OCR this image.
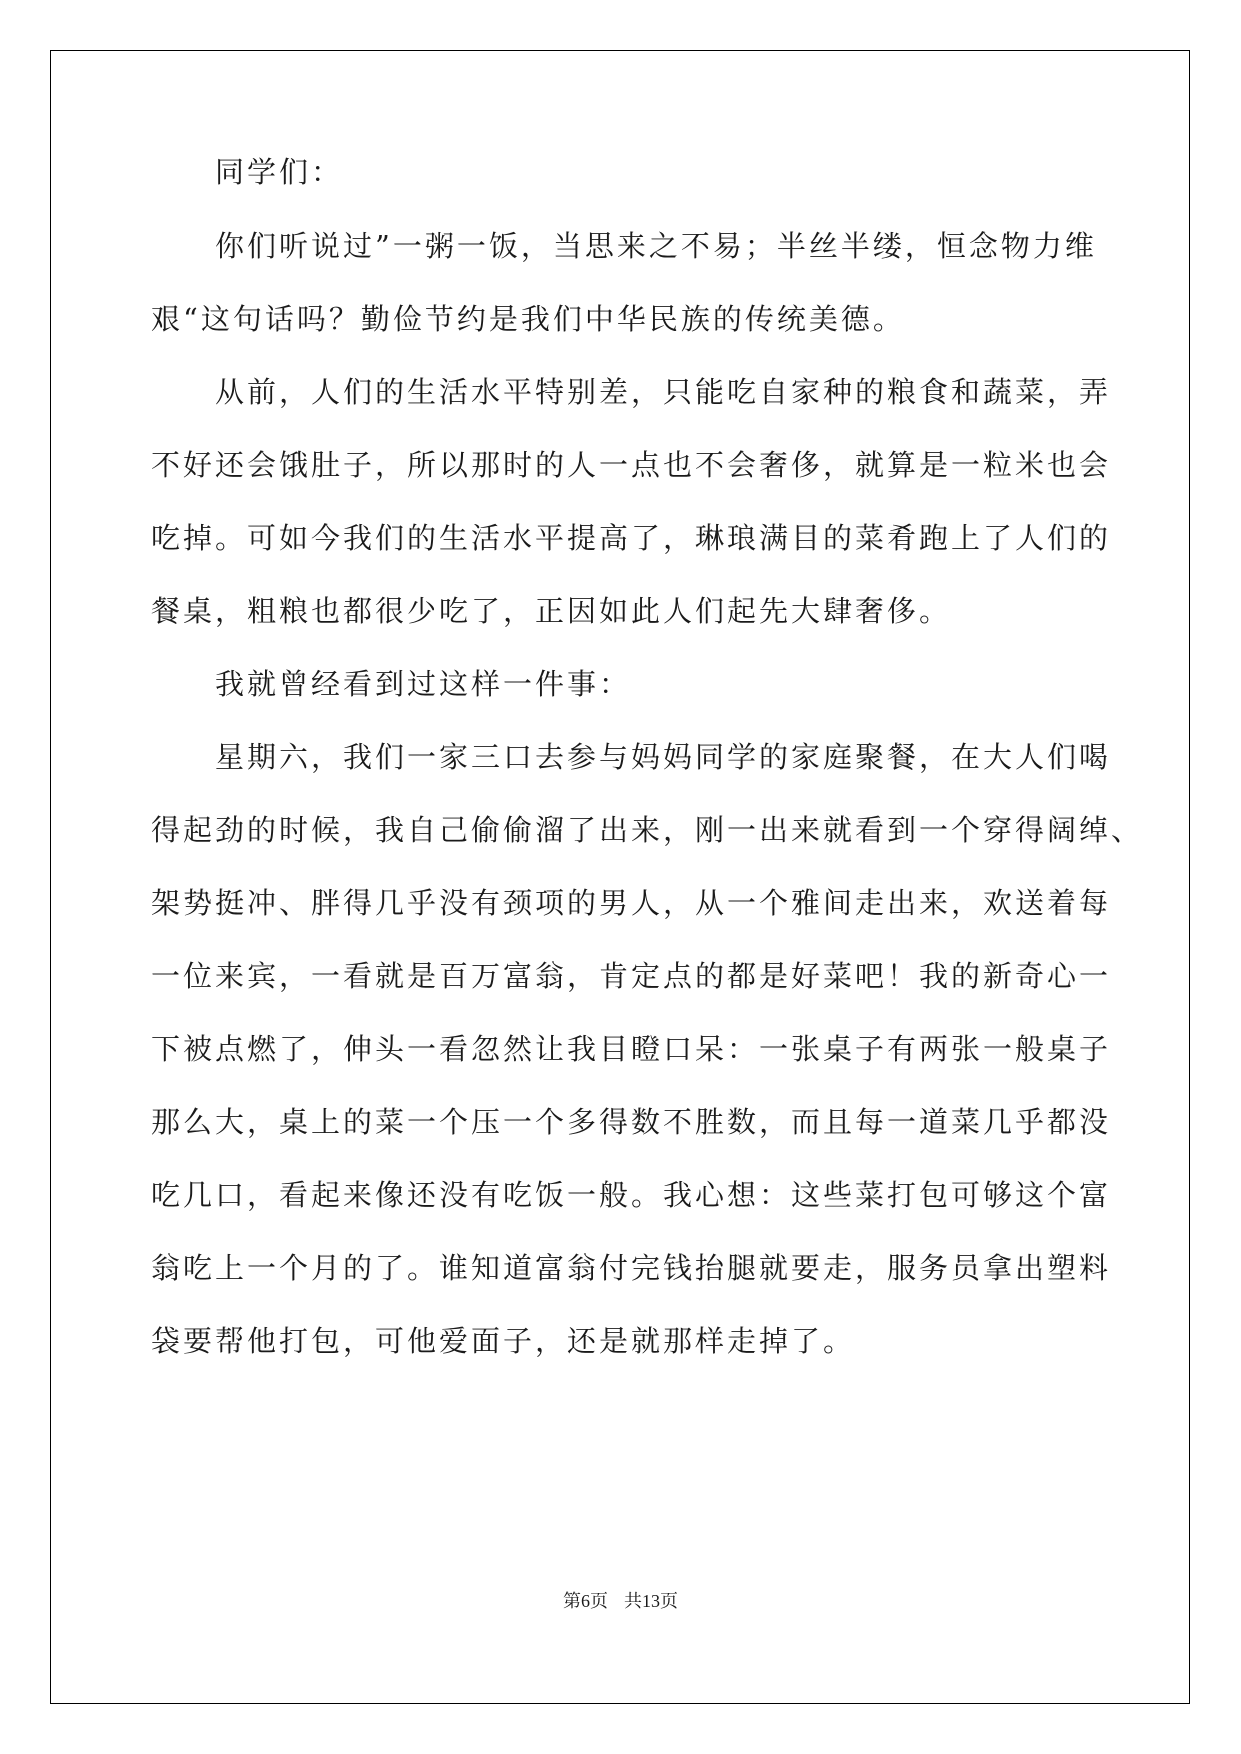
同学们：
你们听说过”一粥一饭，当思来之不易；半丝半缕，恒念物力维
艰“这句话吗？勤俭节约是我们中华民族的传统美德。
从前，人们的生活水平特别差，只能吃自家种的粮食和蔬菜，弄
不好还会饿肚子，所以那时的人一点也不会奢侈，就算是一粒米也会
吃掉。可如今我们的生活水平提高了，琳琅满目的菜肴跑上了人们的
餐桌，粗粮也都很少吃了，正因如此人们起先大肆奢侈。
我就曾经看到过这样一件事：
星期六，我们一家三口去参与妈妈同学的家庭聚餐，在大人们喝
得起劲的时候，我自己偷偷溜了出来，刚一出来就看到一个穿得阔绰、
架势挺冲、胖得几乎没有颈项的男人，从一个雅间走出来，欢送着每
一位来宾，一看就是百万富翁，肯定点的都是好菜吧！我的新奇心一
下被点燃了，伸头一看忽然让我目瞪口呆：一张桌子有两张一般桌子
那么大，桌上的菜一个压一个多得数不胜数，而且每一道菜几乎都没
吃几口，看起来像还没有吃饭一般。我心想：这些菜打包可够这个富
翁吃上一个月的了。谁知道富翁付完钱抬腿就要走，服务员拿出塑料
袋要帮他打包，可他爱面子，还是就那样走掉了。
第6页 共13页
